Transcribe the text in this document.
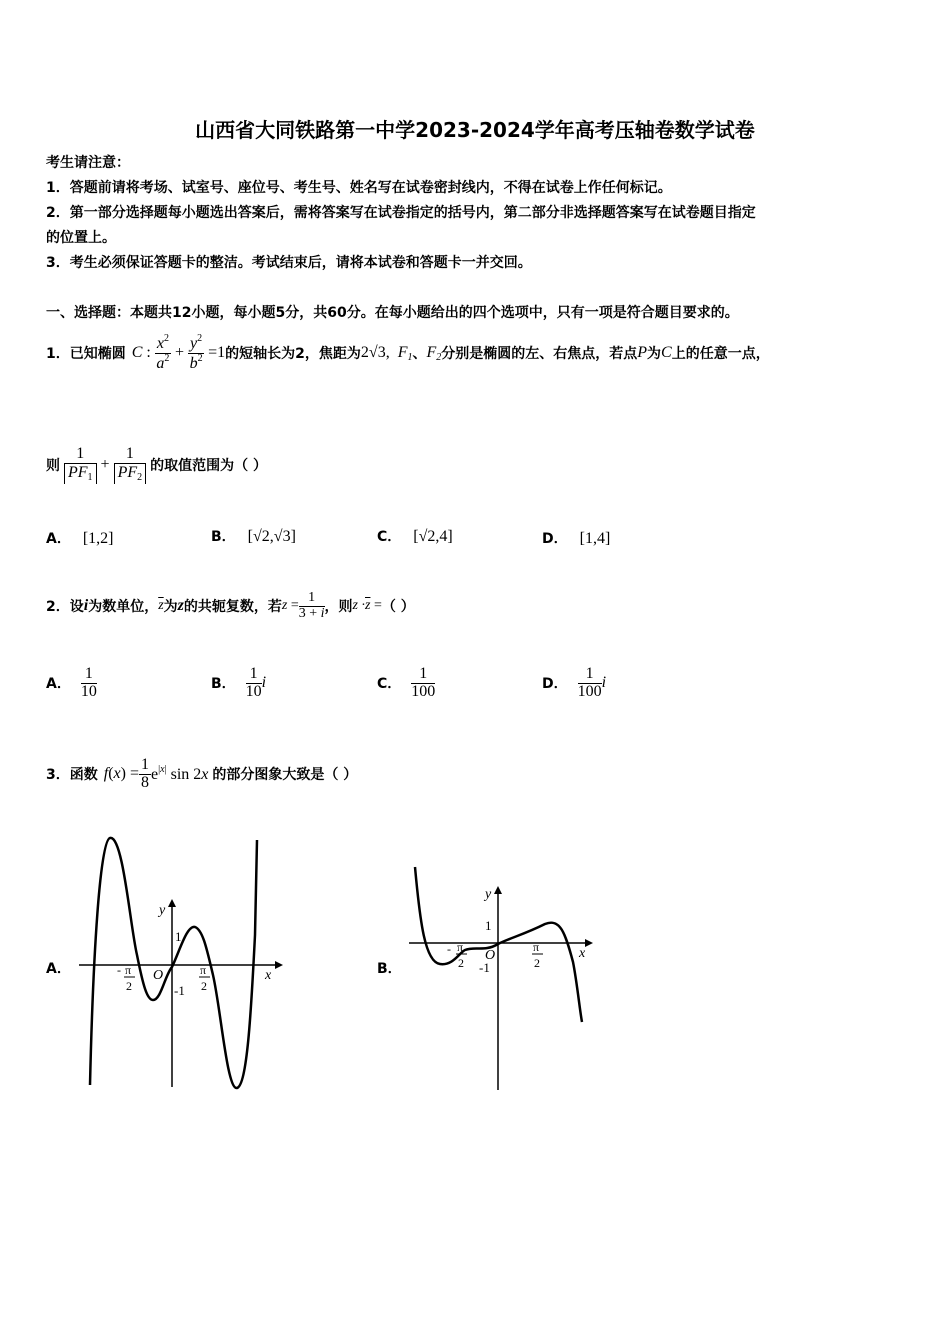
山西省大同铁路第一中学2023-2024学年高考压轴卷数学试卷
考生请注意：
1．答题前请将考场、试室号、座位号、考生号、姓名写在试卷密封线内，不得在试卷上作任何标记。
2．第一部分选择题每小题选出答案后，需将答案写在试卷指定的括号内，第二部分非选择题答案写在试卷题目指定
的位置上。
3．考生必须保证答题卡的整洁。考试结束后，请将本试卷和答题卡一并交回。
一、选择题：本题共12小题，每小题5分，共60分。在每小题给出的四个选项中，只有一项是符合题目要求的。
1．已知椭圆 C : $\frac{x^2}{a^2} + \frac{y^2}{b^2} =1$ 的短轴长为2，焦距为 2√3, $F_1$ 、 $F_2$ 分别是椭圆的左、右焦点，若点 P 为 C 上的任意一点，
则 $\frac{1}{PF_1} + \frac{1}{PF_2}$ 的取值范围为（ ）
A． [1,2]	B． [√2,√3]	C． [√2,4]	D． [1,4]
2．设 i 为数单位， $\overline{z}$ 为 z 的共轭复数，若 $z = \frac{1}{3 + i}$ ，则 $z \cdot\overline{z}$ = （ ）
A． $\frac{1}{10}$	B． $\frac{1}{10}$ i	C． $\frac{1}{100}$	D． $\frac{1}{100}$ i
3．函数 f $(x) = \frac{1}{8} e^{|x|}$ sin 2x 的部分图象大致是（ ）
A．	x
y
O
1
-1
- π
2
π
2
B．
x
y
O
1
-1
- π
2
π
2
